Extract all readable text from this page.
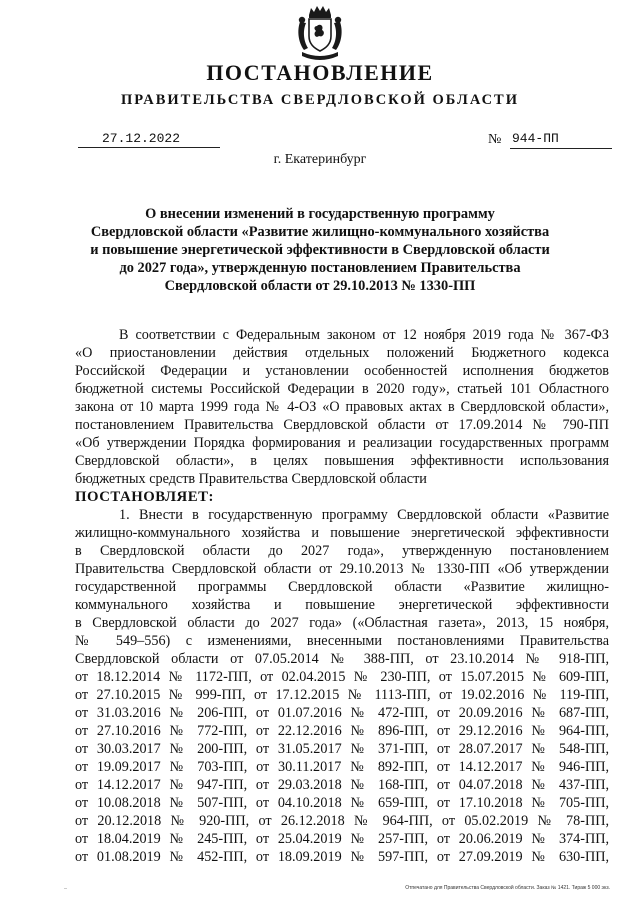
ПОСТАНОВЛЕНИЕ
ПРАВИТЕЛЬСТВА СВЕРДЛОВСКОЙ ОБЛАСТИ
27.12.2022	№ 944-ПП
г. Екатеринбург
О внесении изменений в государственную программу
Свердловской области «Развитие жилищно-коммунального хозяйства
и повышение энергетической эффективности в Свердловской области
до 2027 года», утвержденную постановлением Правительства
Свердловской области от 29.10.2013 № 1330-ПП
В соответствии с Федеральным законом от 12 ноября 2019 года № 367-ФЗ
«О приостановлении действия отдельных положений Бюджетного кодекса
Российской Федерации и установлении особенностей исполнения бюджетов
бюджетной системы Российской Федерации в 2020 году», статьей 101 Областного
закона от 10 марта 1999 года № 4-ОЗ «О правовых актах в Свердловской области»,
постановлением Правительства Свердловской области от 17.09.2014 № 790-ПП
«Об утверждении Порядка формирования и реализации государственных программ
Свердловской области», в целях повышения эффективности использования
бюджетных средств Правительства Свердловской области
ПОСТАНОВЛЯЕТ:
1. Внести в государственную программу Свердловской области «Развитие
жилищно-коммунального хозяйства и повышение энергетической эффективности
в Свердловской области до 2027 года», утвержденную постановлением
Правительства Свердловской области от 29.10.2013 № 1330-ПП «Об утверждении
государственной программы Свердловской области «Развитие жилищно-
коммунального хозяйства и повышение энергетической эффективности
в Свердловской области до 2027 года» («Областная газета», 2013, 15 ноября,
№ 549–556) с изменениями, внесенными постановлениями Правительства
Свердловской области от 07.05.2014 № 388-ПП, от 23.10.2014 № 918-ПП,
от 18.12.2014 № 1172-ПП, от 02.04.2015 № 230-ПП, от 15.07.2015 № 609-ПП,
от 27.10.2015 № 999-ПП, от 17.12.2015 № 1113-ПП, от 19.02.2016 № 119-ПП,
от 31.03.2016 № 206-ПП, от 01.07.2016 № 472-ПП, от 20.09.2016 № 687-ПП,
от 27.10.2016 № 772-ПП, от 22.12.2016 № 896-ПП, от 29.12.2016 № 964-ПП,
от 30.03.2017 № 200-ПП, от 31.05.2017 № 371-ПП, от 28.07.2017 № 548-ПП,
от 19.09.2017 № 703-ПП, от 30.11.2017 № 892-ПП, от 14.12.2017 № 946-ПП,
от 14.12.2017 № 947-ПП, от 29.03.2018 № 168-ПП, от 04.07.2018 № 437-ПП,
от 10.08.2018 № 507-ПП, от 04.10.2018 № 659-ПП, от 17.10.2018 № 705-ПП,
от 20.12.2018 № 920-ПП, от 26.12.2018 № 964-ПП, от 05.02.2019 № 78-ПП,
от 18.04.2019 № 245-ПП, от 25.04.2019 № 257-ПП, от 20.06.2019 № 374-ПП,
от 01.08.2019 № 452-ПП, от 18.09.2019 № 597-ПП, от 27.09.2019 № 630-ПП,
Отпечатано для Правительства Свердловской области. Заказ № 1421. Тираж 5 000 экз.
